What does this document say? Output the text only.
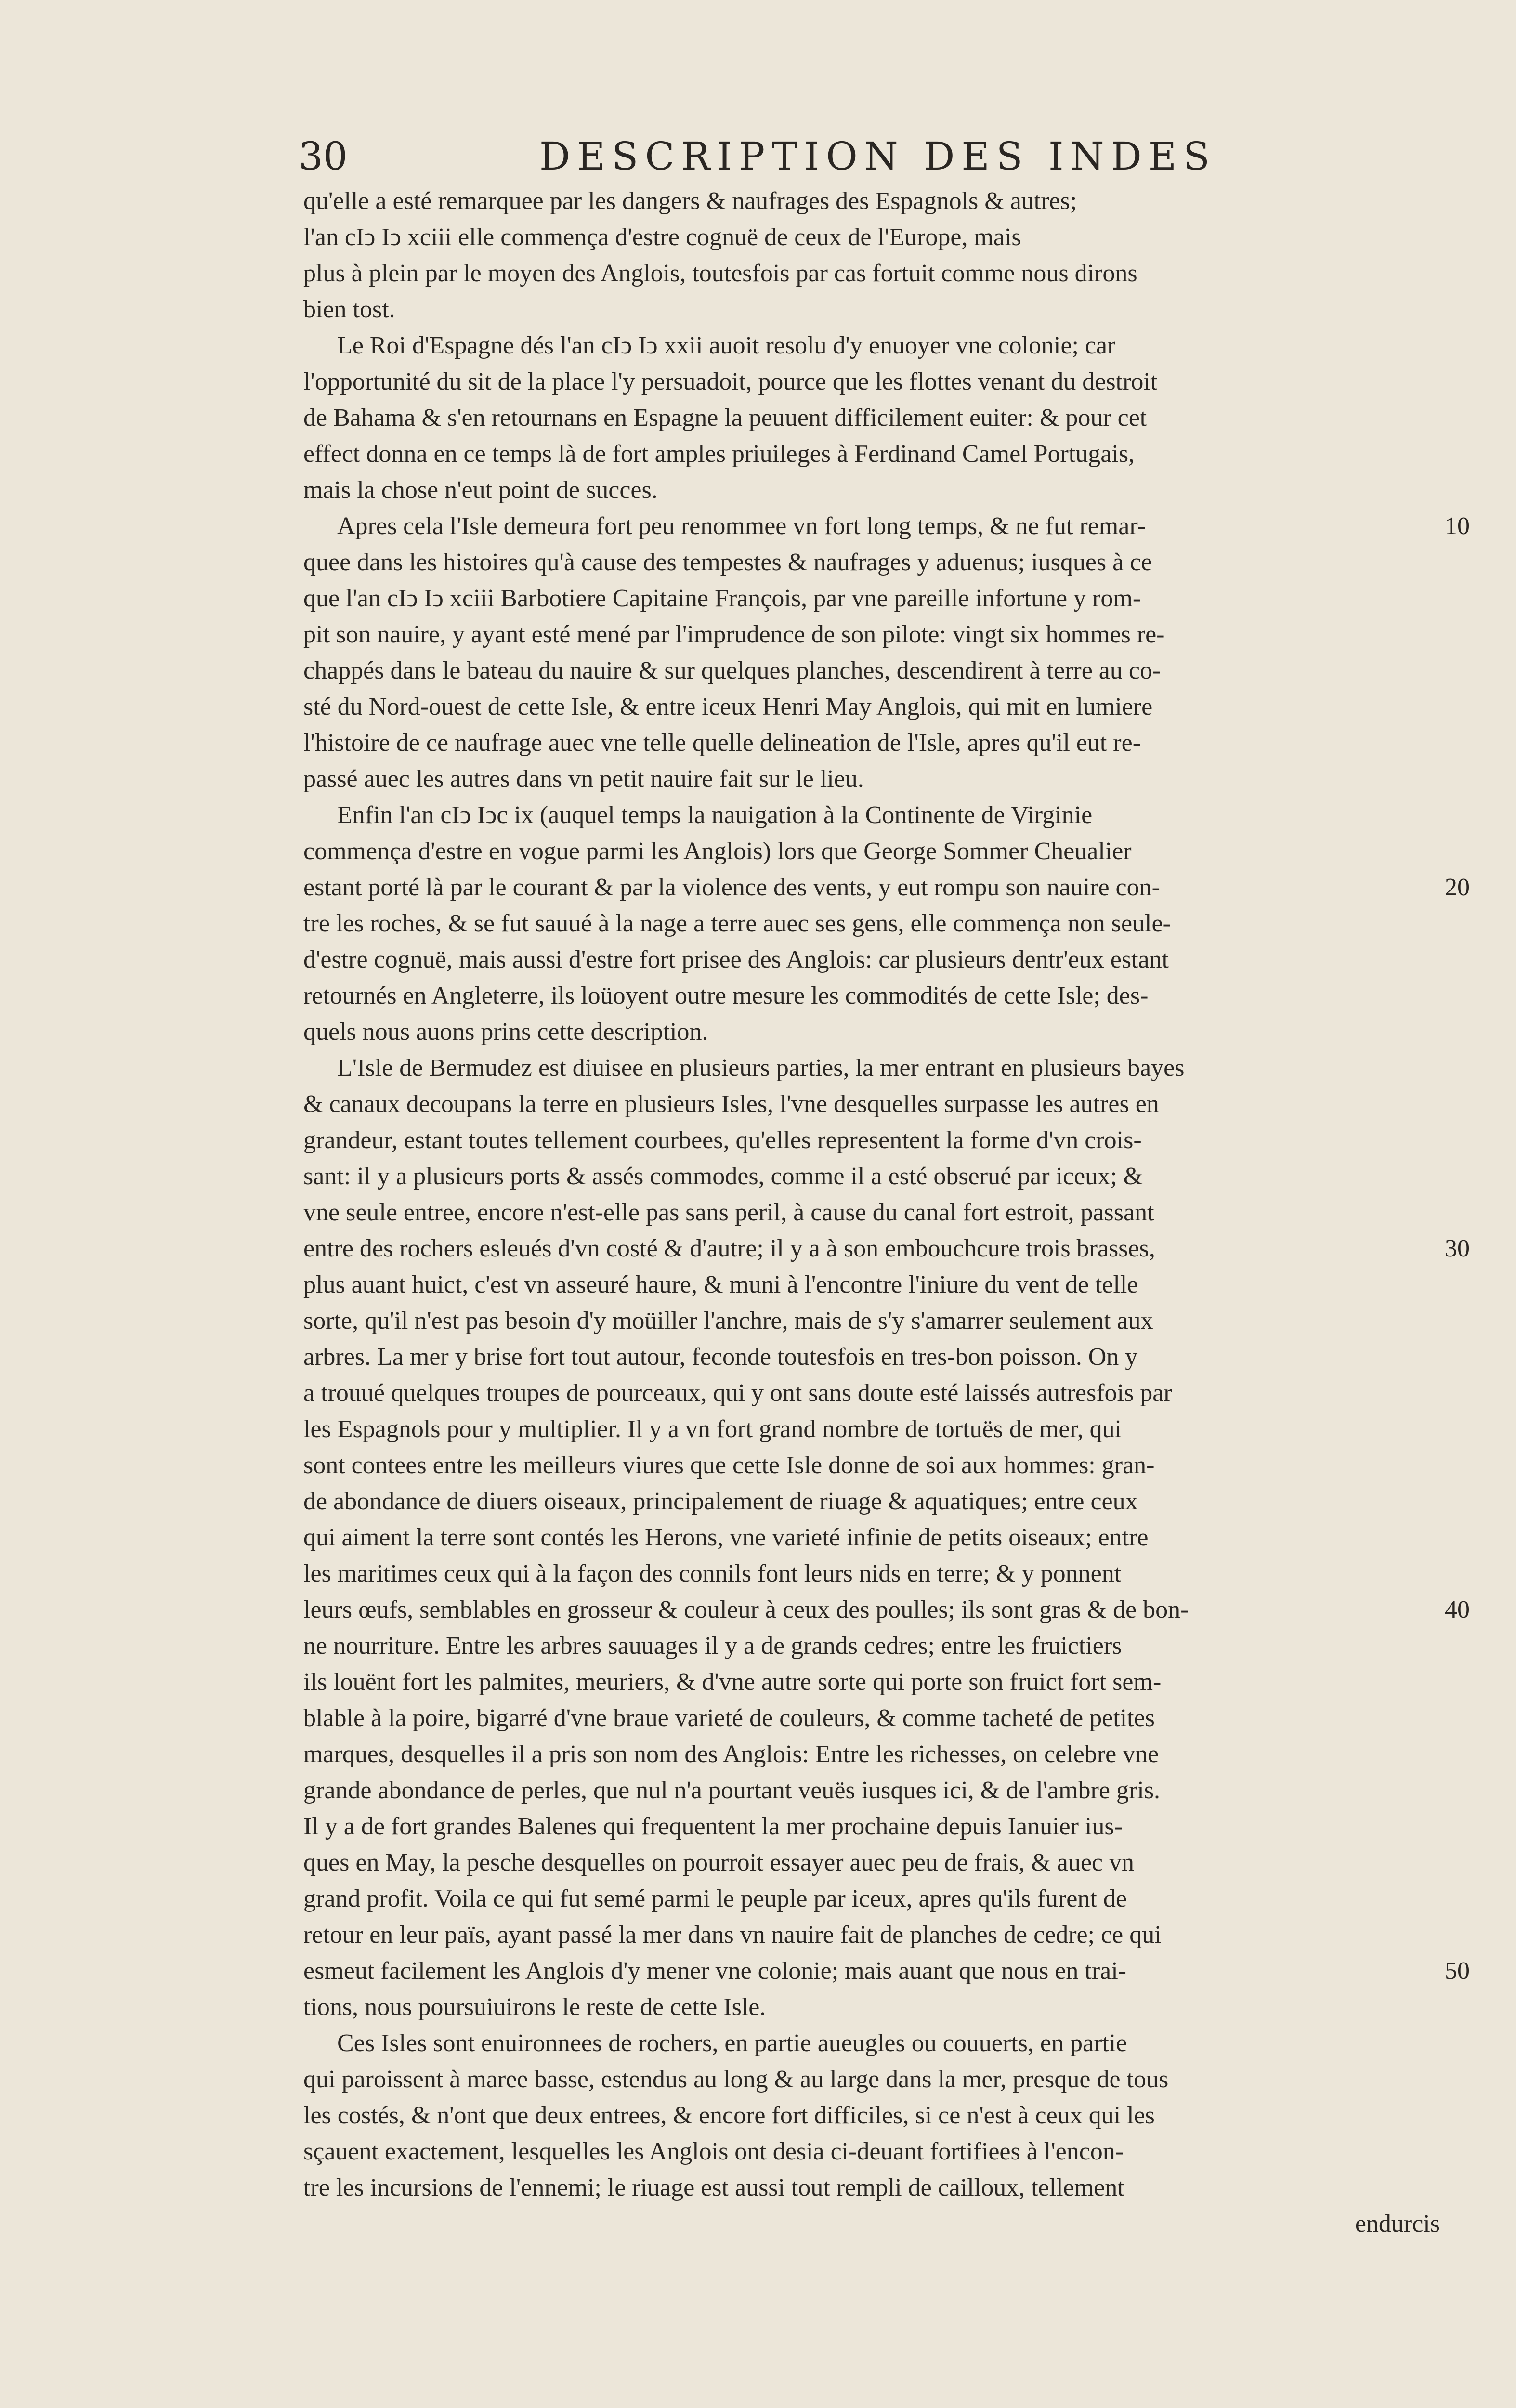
30	DESCRIPTION DES INDES
qu'elle a esté remarquee par les dangers & naufrages des Espagnols & autres;
l'an cIↄ Iↄ xciii elle commença d'estre cognuë de ceux de l'Europe, mais
plus à plein par le moyen des Anglois, toutesfois par cas fortuit comme nous dirons
bien tost.
Le Roi d'Espagne dés l'an cIↄ Iↄ xxii auoit resolu d'y enuoyer vne colonie; car
l'opportunité du sit de la place l'y persuadoit, pource que les flottes venant du destroit
de Bahama & s'en retournans en Espagne la peuuent difficilement euiter: & pour cet
effect donna en ce temps là de fort amples priuileges à Ferdinand Camel Portugais,
mais la chose n'eut point de succes.
Apres cela l'Isle demeura fort peu renommee vn fort long temps, & ne fut remar-
quee dans les histoires qu'à cause des tempestes & naufrages y aduenus; iusques à ce
que l'an cIↄ Iↄ xciii Barbotiere Capitaine François, par vne pareille infortune y rom-
pit son nauire, y ayant esté mené par l'imprudence de son pilote: vingt six hommes re-
chappés dans le bateau du nauire & sur quelques planches, descendirent à terre au co-
sté du Nord-ouest de cette Isle, & entre iceux Henri May Anglois, qui mit en lumiere
l'histoire de ce naufrage auec vne telle quelle delineation de l'Isle, apres qu'il eut re-
passé auec les autres dans vn petit nauire fait sur le lieu.
Enfin l'an cIↄ Iↄc ix (auquel temps la nauigation à la Continente de Virginie
commença d'estre en vogue parmi les Anglois) lors que George Sommer Cheualier
estant porté là par le courant & par la violence des vents, y eut rompu son nauire con-
tre les roches, & se fut sauué à la nage a terre auec ses gens, elle commença non seule-
d'estre cognuë, mais aussi d'estre fort prisee des Anglois: car plusieurs dentr'eux estant
retournés en Angleterre, ils loüoyent outre mesure les commodités de cette Isle; des-
quels nous auons prins cette description.
L'Isle de Bermudez est diuisee en plusieurs parties, la mer entrant en plusieurs bayes
& canaux decoupans la terre en plusieurs Isles, l'vne desquelles surpasse les autres en
grandeur, estant toutes tellement courbees, qu'elles representent la forme d'vn crois-
sant: il y a plusieurs ports & assés commodes, comme il a esté obserué par iceux; &
vne seule entree, encore n'est-elle pas sans peril, à cause du canal fort estroit, passant
entre des rochers esleués d'vn costé & d'autre; il y a à son embouchcure trois brasses,
plus auant huict, c'est vn asseuré haure, & muni à l'encontre l'iniure du vent de telle
sorte, qu'il n'est pas besoin d'y moüiller l'anchre, mais de s'y s'amarrer seulement aux
arbres. La mer y brise fort tout autour, feconde toutesfois en tres-bon poisson. On y
a trouué quelques troupes de pourceaux, qui y ont sans doute esté laissés autresfois par
les Espagnols pour y multiplier. Il y a vn fort grand nombre de tortuës de mer, qui
sont contees entre les meilleurs viures que cette Isle donne de soi aux hommes: gran-
de abondance de diuers oiseaux, principalement de riuage & aquatiques; entre ceux
qui aiment la terre sont contés les Herons, vne varieté infinie de petits oiseaux; entre
les maritimes ceux qui à la façon des connils font leurs nids en terre; & y ponnent
leurs œufs, semblables en grosseur & couleur à ceux des poulles; ils sont gras & de bon-
ne nourriture. Entre les arbres sauuages il y a de grands cedres; entre les fruictiers
ils louënt fort les palmites, meuriers, & d'vne autre sorte qui porte son fruict fort sem-
blable à la poire, bigarré d'vne braue varieté de couleurs, & comme tacheté de petites
marques, desquelles il a pris son nom des Anglois: Entre les richesses, on celebre vne
grande abondance de perles, que nul n'a pourtant veuës iusques ici, & de l'ambre gris.
Il y a de fort grandes Balenes qui frequentent la mer prochaine depuis Ianuier ius-
ques en May, la pesche desquelles on pourroit essayer auec peu de frais, & auec vn
grand profit. Voila ce qui fut semé parmi le peuple par iceux, apres qu'ils furent de
retour en leur païs, ayant passé la mer dans vn nauire fait de planches de cedre; ce qui
esmeut facilement les Anglois d'y mener vne colonie; mais auant que nous en trai-
tions, nous poursuiuirons le reste de cette Isle.
Ces Isles sont enuironnees de rochers, en partie aueugles ou couuerts, en partie
qui paroissent à maree basse, estendus au long & au large dans la mer, presque de tous
les costés, & n'ont que deux entrees, & encore fort difficiles, si ce n'est à ceux qui les
sçauent exactement, lesquelles les Anglois ont desia ci-deuant fortifiees à l'encon-
tre les incursions de l'ennemi; le riuage est aussi tout rempli de cailloux, tellement
endurcis
10
20
30
40
50
